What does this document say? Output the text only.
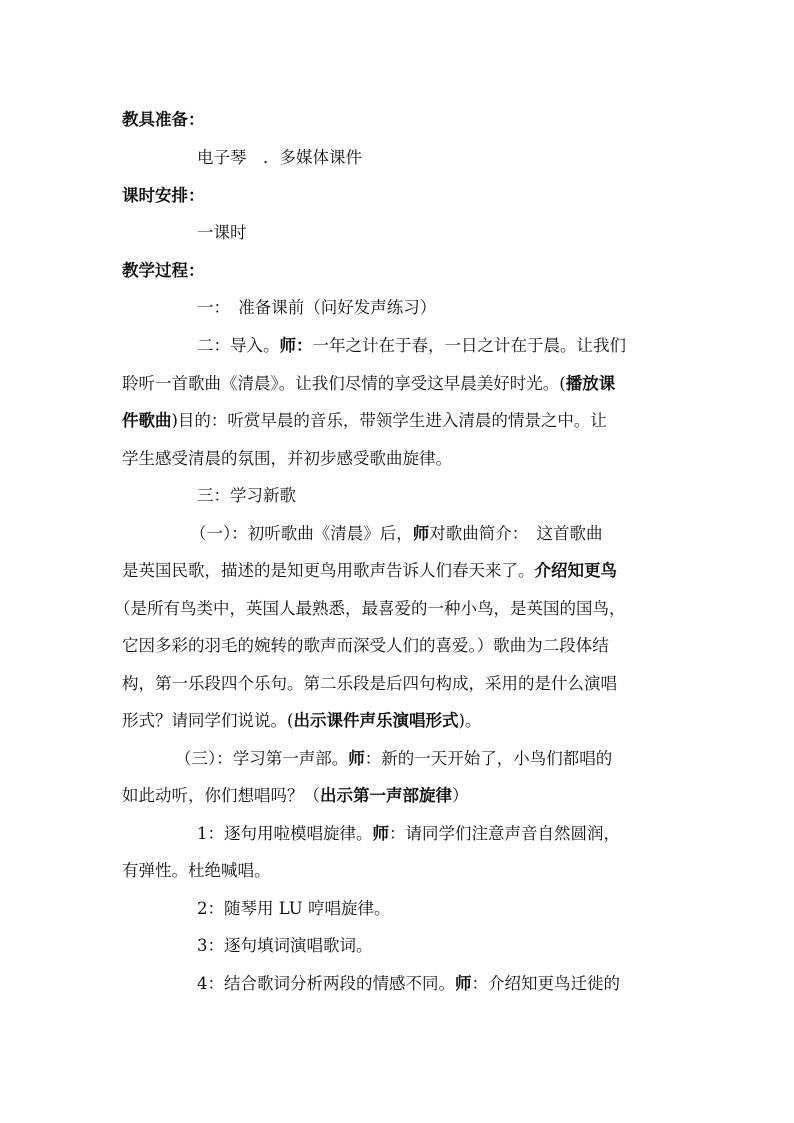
教具准备：
电子琴　．多媒体课件
课时安排：
一课时
教学过程：
一：　准备课前（问好发声练习）
二：导入。师：一年之计在于春，一日之计在于晨。让我们
聆听一首歌曲《清晨》。让我们尽情的享受这早晨美好时光。(播放课
件歌曲)目的：听赏早晨的音乐，带领学生进入清晨的情景之中。让
学生感受清晨的氛围，并初步感受歌曲旋律。
三：学习新歌
（一）：初听歌曲《清晨》后，师对歌曲简介：　这首歌曲
是英国民歌，描述的是知更鸟用歌声告诉人们春天来了。介绍知更鸟
（是所有鸟类中，英国人最熟悉，最喜爱的一种小鸟，是英国的国鸟，
它因多彩的羽毛的婉转的歌声而深受人们的喜爱。）歌曲为二段体结
构，第一乐段四个乐句。第二乐段是后四句构成，采用的是什么演唱
形式？请同学们说说。(出示课件声乐演唱形式)。
（三）：学习第一声部。师：新的一天开始了，小鸟们都唱的
如此动听，你们想唱吗？（出示第一声部旋律）
1：逐句用啦模唱旋律。师：请同学们注意声音自然圆润，
有弹性。杜绝喊唱。
2：随琴用 LU 哼唱旋律。
3：逐句填词演唱歌词。
4：结合歌词分析两段的情感不同。师：介绍知更鸟迁徙的
